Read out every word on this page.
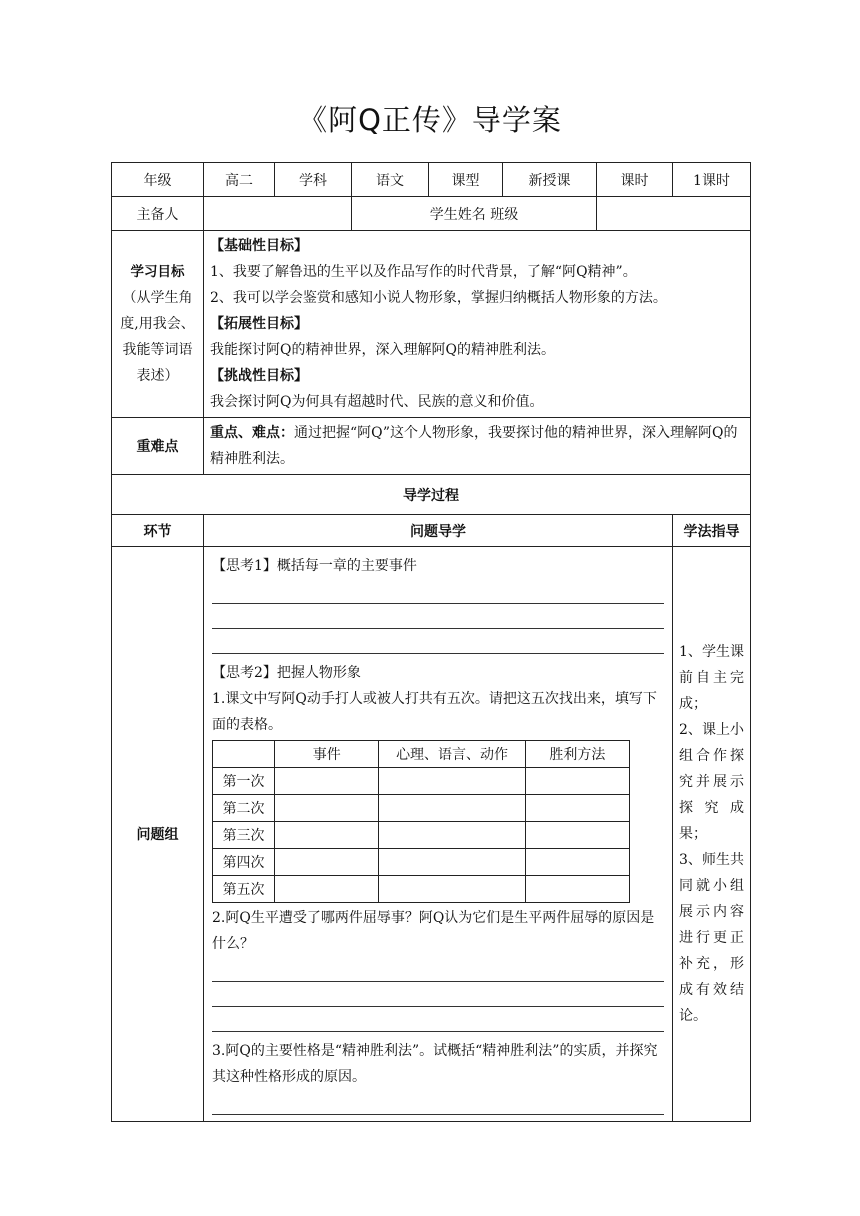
《阿Q正传》导学案
年级	高二	学科	语文	课型	新授课	课时	1课时
主备人		学生姓名 班级	

学习目标
（从学生角度,用我会、我能等词语表述）

【基础性目标】
1、我要了解鲁迅的生平以及作品写作的时代背景，了解“阿Q精神”。
2、我可以学会鉴赏和感知小说人物形象，掌握归纳概括人物形象的方法。
【拓展性目标】
我能探讨阿Q的精神世界，深入理解阿Q的精神胜利法。
【挑战性目标】
我会探讨阿Q为何具有超越时代、民族的意义和价值。

重难点	重点、难点：通过把握“阿Q”这个人物形象，我要探讨他的精神世界，深入理解阿Q的精神胜利法。
导学过程
环节	问题导学	学法指导
问题组	
【思考1】概括每一章的主要事件
【思考2】把握人物形象
1.课文中写阿Q动手打人或被人打共有五次。请把这五次找出来，填写下面的表格。
	事件	心理、语言、动作	胜利方法
第一次			
第二次			
第三次			
第四次			
第五次			
2.阿Q生平遭受了哪两件屈辱事？阿Q认为它们是生平两件屈辱的原因是什么？
3.阿Q的主要性格是“精神胜利法”。试概括“精神胜利法”的实质，并探究其这种性格形成的原因。

1、学生课前自主完成；
2、课上小组合作探究并展示探究成果；
3、师生共同就小组展示内容进行更正补充，形成有效结论。
